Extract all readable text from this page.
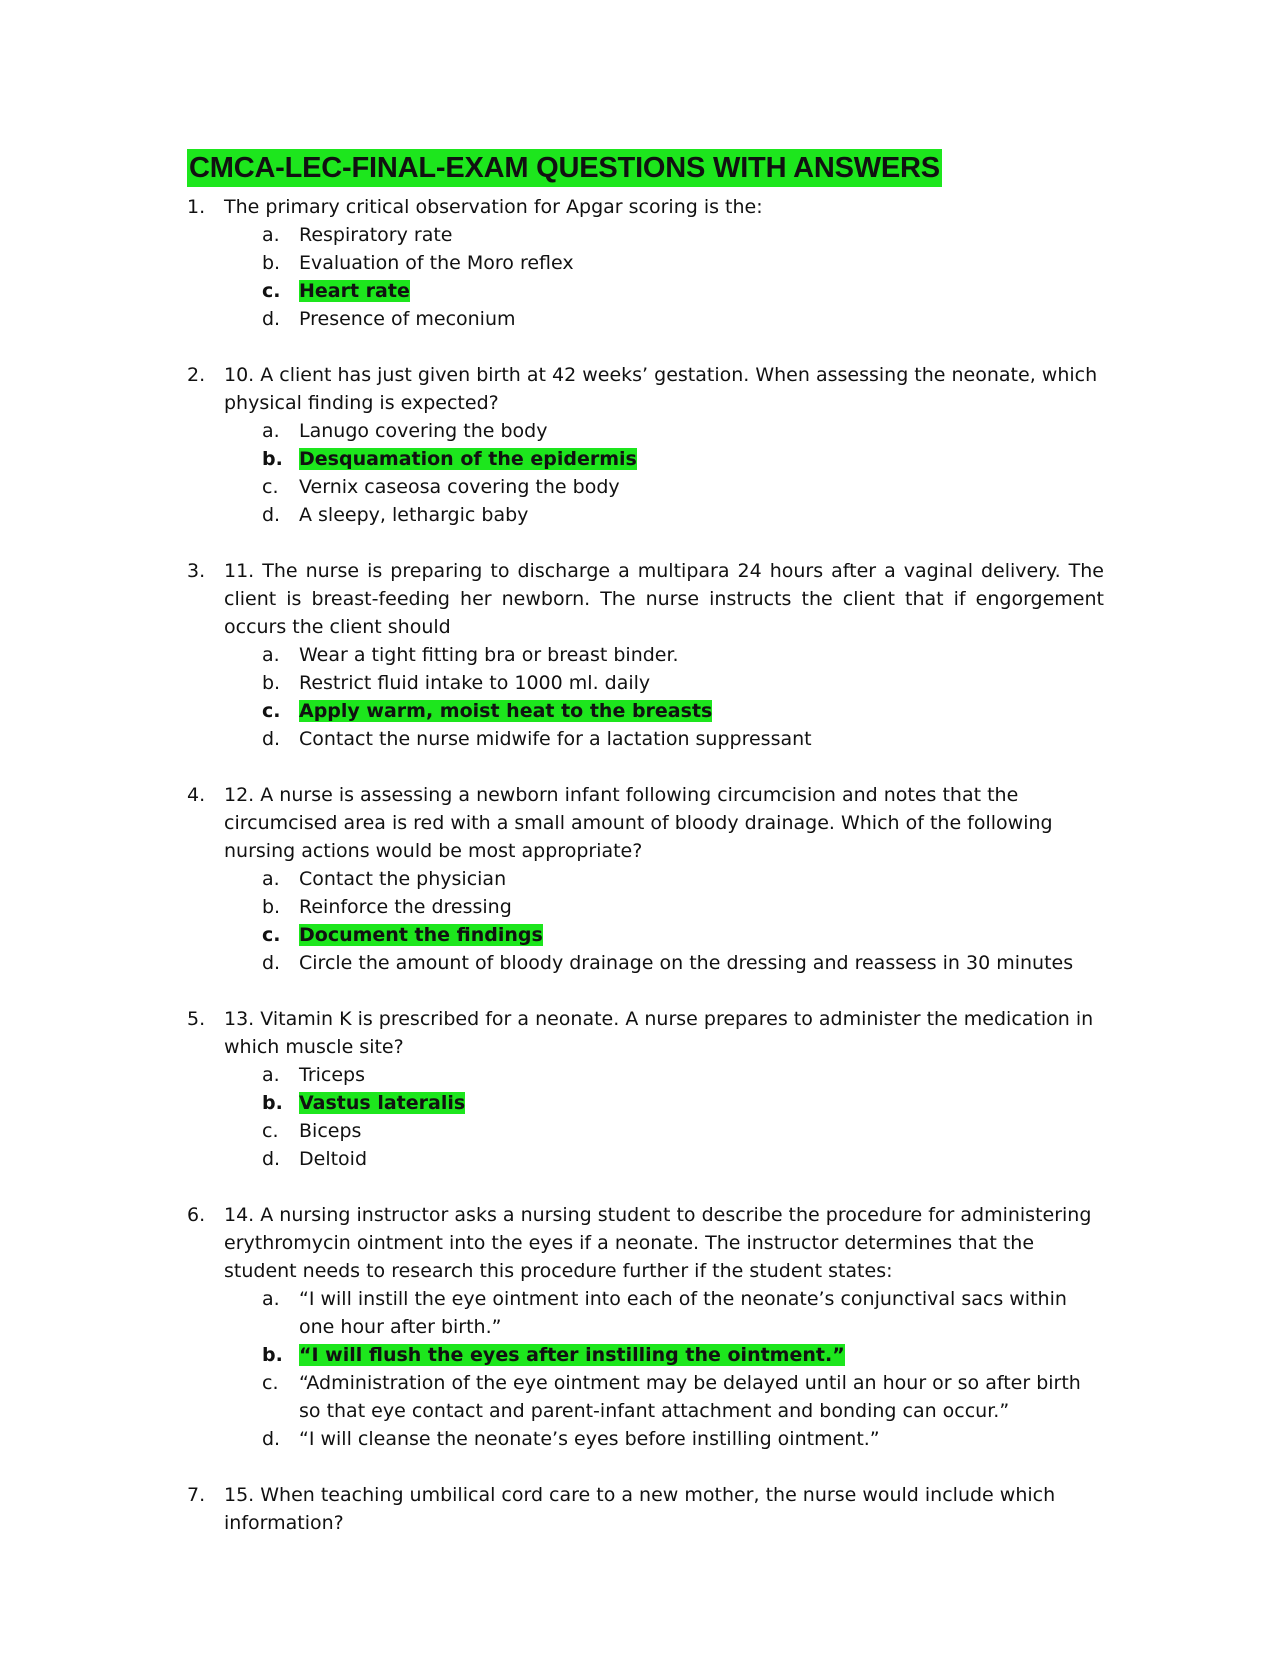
CMCA-LEC-FINAL-EXAM QUESTIONS WITH ANSWERS
1. The primary critical observation for Apgar scoring is the:
a. Respiratory rate
b. Evaluation of the Moro reflex
c. Heart rate
d. Presence of meconium
2. 10. A client has just given birth at 42 weeks’ gestation. When assessing the neonate, which physical finding is expected?
a. Lanugo covering the body
b. Desquamation of the epidermis
c. Vernix caseosa covering the body
d. A sleepy, lethargic baby
3. 11. The nurse is preparing to discharge a multipara 24 hours after a vaginal delivery. The client is breast-feeding her newborn. The nurse instructs the client that if engorgement occurs the client should
a. Wear a tight fitting bra or breast binder.
b. Restrict fluid intake to 1000 ml. daily
c. Apply warm, moist heat to the breasts
d. Contact the nurse midwife for a lactation suppressant
4. 12. A nurse is assessing a newborn infant following circumcision and notes that the circumcised area is red with a small amount of bloody drainage. Which of the following nursing actions would be most appropriate?
a. Contact the physician
b. Reinforce the dressing
c. Document the findings
d. Circle the amount of bloody drainage on the dressing and reassess in 30 minutes
5. 13. Vitamin K is prescribed for a neonate. A nurse prepares to administer the medication in which muscle site?
a. Triceps
b. Vastus lateralis
c. Biceps
d. Deltoid
6. 14. A nursing instructor asks a nursing student to describe the procedure for administering erythromycin ointment into the eyes if a neonate. The instructor determines that the student needs to research this procedure further if the student states:
a. “I will instill the eye ointment into each of the neonate’s conjunctival sacs within one hour after birth.”
b. “I will flush the eyes after instilling the ointment.”
c. “Administration of the eye ointment may be delayed until an hour or so after birth so that eye contact and parent-infant attachment and bonding can occur.”
d. “I will cleanse the neonate’s eyes before instilling ointment.”
7. 15. When teaching umbilical cord care to a new mother, the nurse would include which information?
